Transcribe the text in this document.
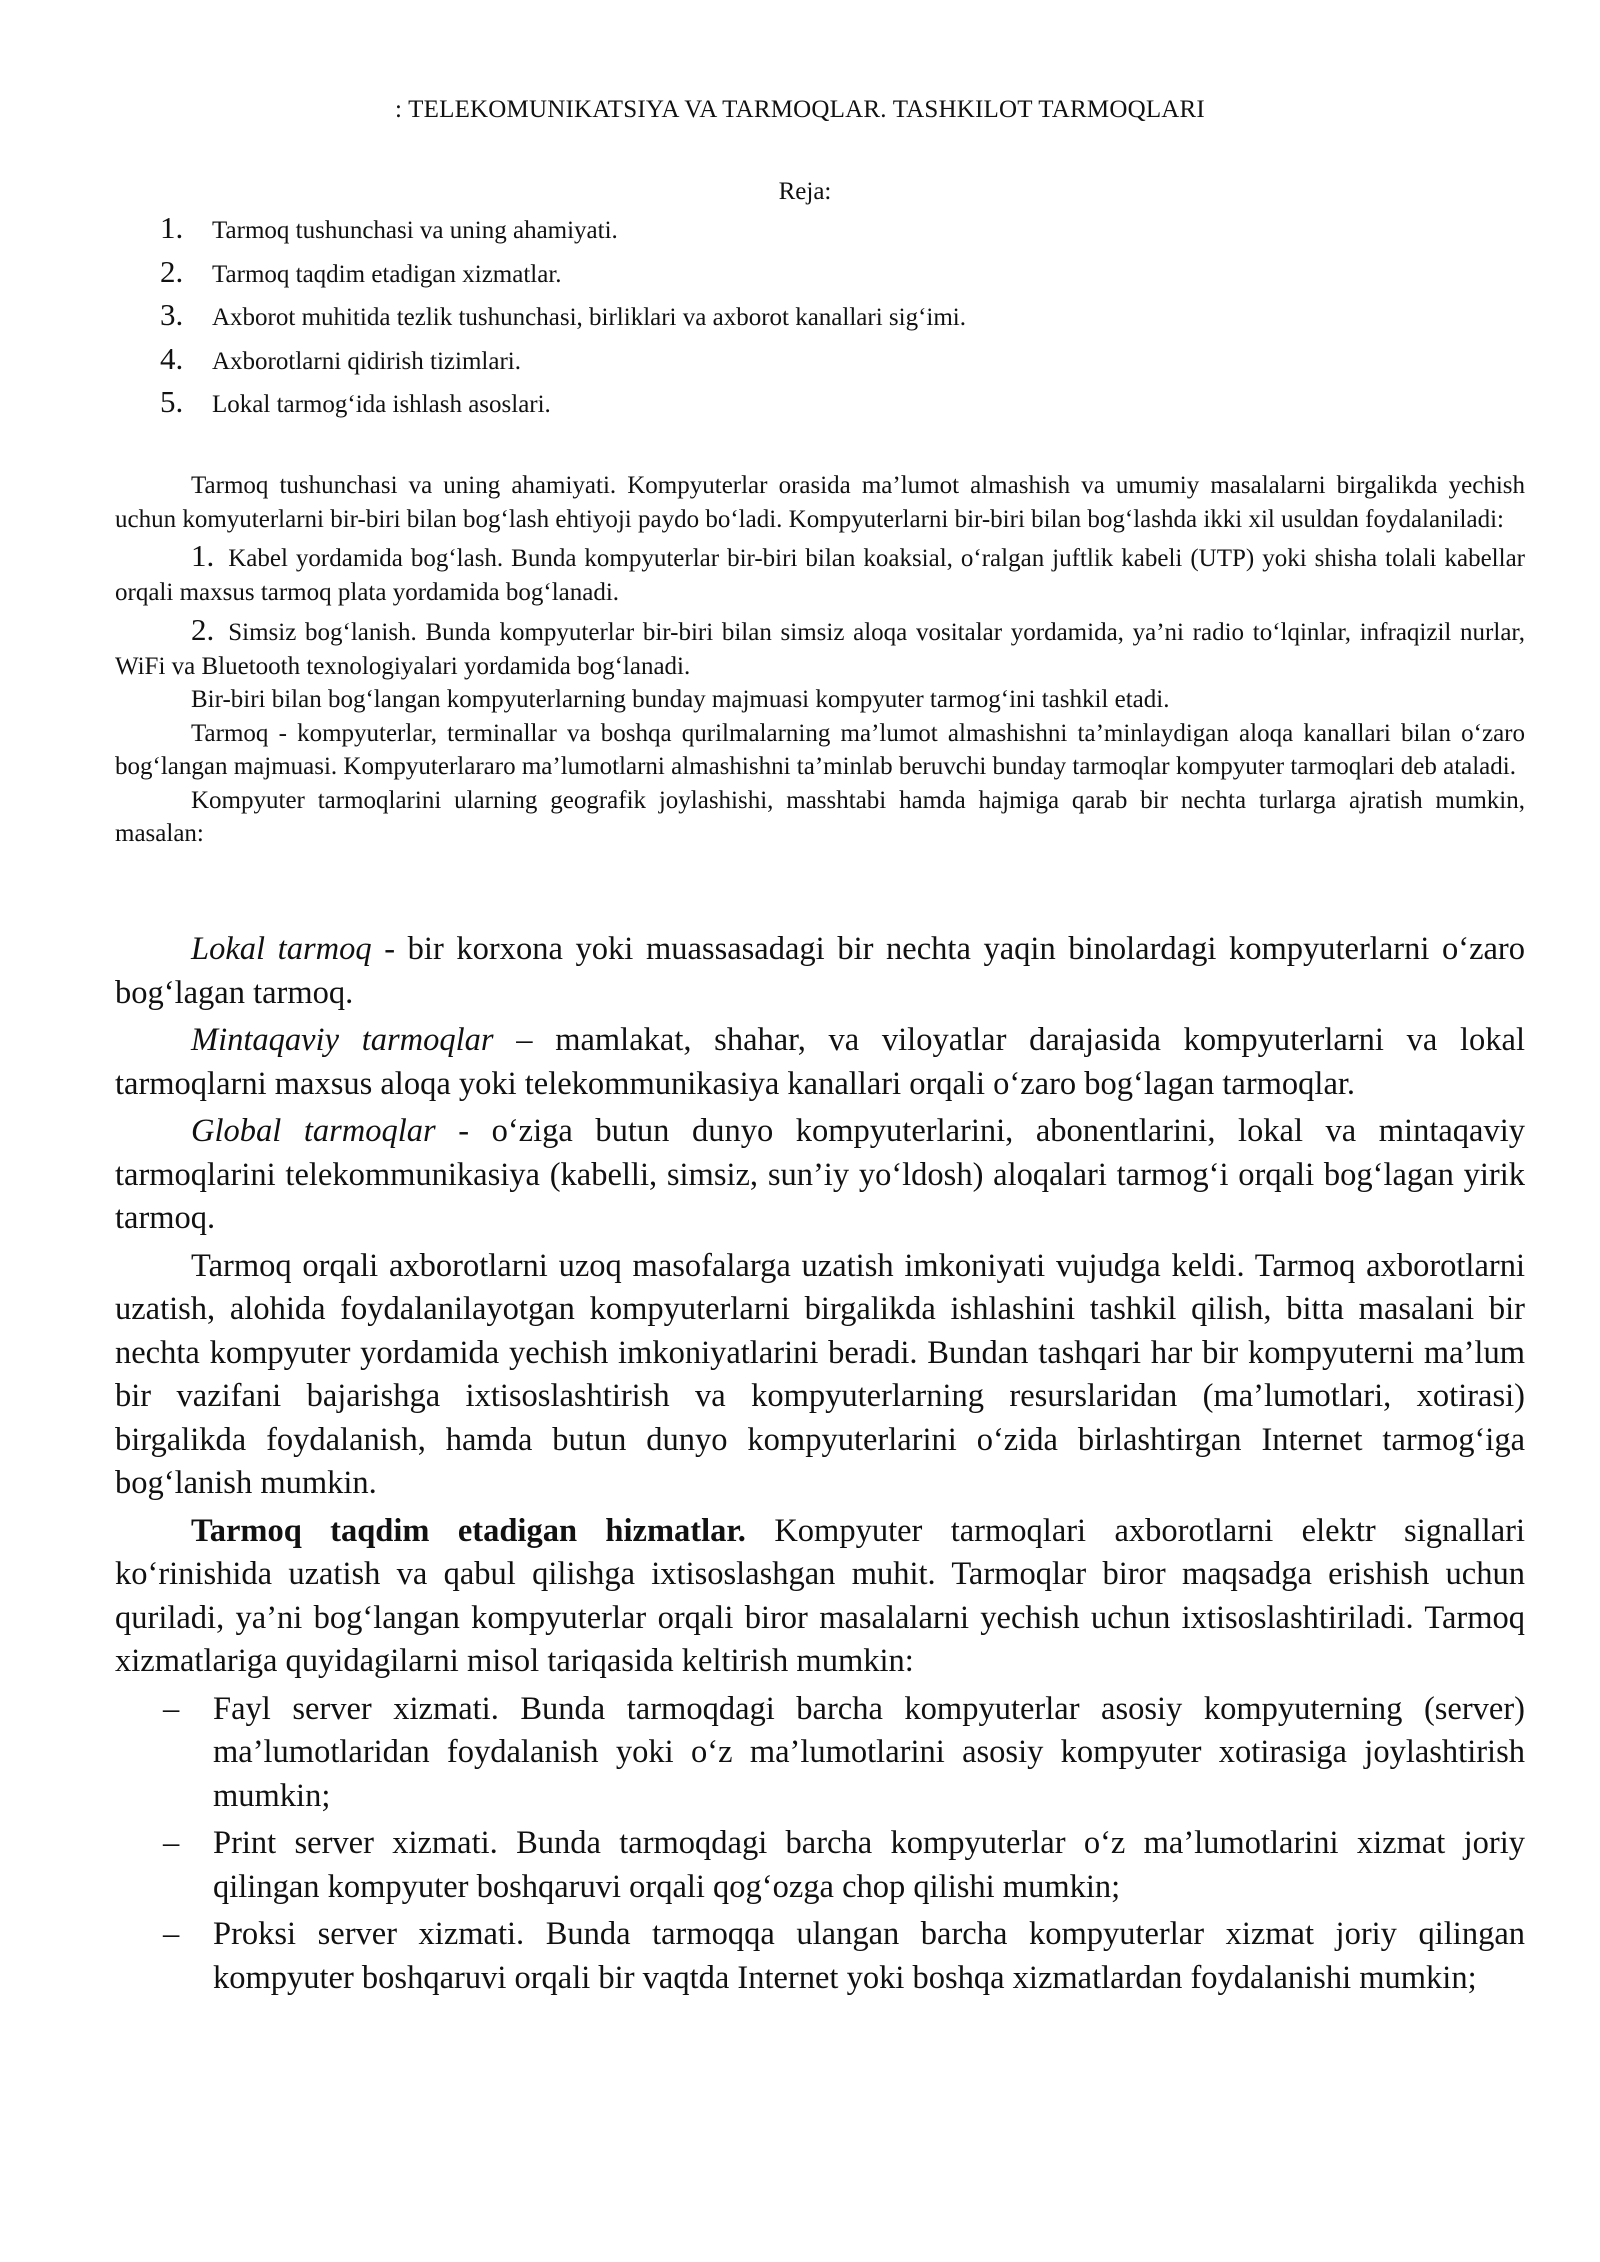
: TELEKOMUNIKATSIYA VA TARMOQLAR. TASHKILOT TARMOQLARI
Reja:
1.	Tarmoq tushunchasi va uning ahamiyati.
2.	Tarmoq taqdim etadigan xizmatlar.
3.	Axborot muhitida tezlik tushunchasi, birliklari va axborot kanallari sig‘imi.
4.	Axborotlarni qidirish tizimlari.
5.	Lokal tarmog‘ida ishlash asoslari.

Tarmoq tushunchasi va uning ahamiyati. Kompyuterlar orasida ma’lumot almashish va umumiy masalalarni birgalikda yechish uchun komyuterlarni bir-biri bilan bog‘lash ehtiyoji paydo bo‘ladi. Kompyuterlarni bir-biri bilan bog‘lashda ikki xil usuldan foydalaniladi:

1. Kabel yordamida bog‘lash. Bunda kompyuterlar bir-biri bilan koaksial, o‘ralgan juftlik kabeli (UTP) yoki shisha tolali kabellar orqali maxsus tarmoq plata yordamida bog‘lanadi.

2. Simsiz bog‘lanish. Bunda kompyuterlar bir-biri bilan simsiz aloqa vositalar yordamida, ya’ni radio to‘lqinlar, infraqizil nurlar, WiFi va Bluetooth texnologiyalari yordamida bog‘lanadi.

Bir-biri bilan bog‘langan kompyuterlarning bunday majmuasi kompyuter tarmog‘ini tashkil etadi.

Tarmoq - kompyuterlar, terminallar va boshqa qurilmalarning ma’lumot almashishni ta’minlaydigan aloqa kanallari bilan o‘zaro bog‘langan majmuasi. Kompyuterlararo ma’lumotlarni almashishni ta’minlab beruvchi bunday tarmoqlar kompyuter tarmoqlari deb ataladi.

Kompyuter tarmoqlarini ularning geografik joylashishi, masshtabi hamda hajmiga qarab bir nechta turlarga ajratish mumkin, masalan:

Lokal tarmoq - bir korxona yoki muassasadagi bir nechta yaqin binolardagi kompyuterlarni o‘zaro bog‘lagan tarmoq.

Mintaqaviy tarmoqlar – mamlakat, shahar, va viloyatlar darajasida kompyuterlarni va lokal tarmoqlarni maxsus aloqa yoki telekommunikasiya kanallari orqali o‘zaro bog‘lagan tarmoqlar.

Global tarmoqlar - o‘ziga butun dunyo kompyuterlarini, abonentlarini, lokal va mintaqaviy tarmoqlarini telekommunikasiya (kabelli, simsiz, sun’iy yo‘ldosh) aloqalari tarmog‘i orqali bog‘lagan yirik tarmoq.

Tarmoq orqali axborotlarni uzoq masofalarga uzatish imkoniyati vujudga keldi. Tarmoq axborotlarni uzatish, alohida foydalanilayotgan kompyuterlarni birgalikda ishlashini tashkil qilish, bitta masalani bir nechta kompyuter yordamida yechish imkoniyatlarini beradi. Bundan tashqari har bir kompyuterni ma’lum bir vazifani bajarishga ixtisoslashtirish va kompyuterlarning resurslaridan (ma’lumotlari, xotirasi) birgalikda foydalanish, hamda butun dunyo kompyuterlarini o‘zida birlashtirgan Internet tarmog‘iga bog‘lanish mumkin.

Tarmoq taqdim etadigan hizmatlar. Kompyuter tarmoqlari axborotlarni elektr signallari ko‘rinishida uzatish va qabul qilishga ixtisoslashgan muhit. Tarmoqlar biror maqsadga erishish uchun quriladi, ya’ni bog‘langan kompyuterlar orqali biror masalalarni yechish uchun ixtisoslashtiriladi. Tarmoq xizmatlariga quyidagilarni misol tariqasida keltirish mumkin:

– Fayl server xizmati. Bunda tarmoqdagi barcha kompyuterlar asosiy kompyuterning (server) ma’lumotlaridan foydalanish yoki o‘z ma’lumotlarini asosiy kompyuter xotirasiga joylashtirish mumkin;
– Print server xizmati. Bunda tarmoqdagi barcha kompyuterlar o‘z ma’lumotlarini xizmat joriy qilingan kompyuter boshqaruvi orqali qog‘ozga chop qilishi mumkin;
– Proksi server xizmati. Bunda tarmoqqa ulangan barcha kompyuterlar xizmat joriy qilingan kompyuter boshqaruvi orqali bir vaqtda Internet yoki boshqa xizmatlardan foydalanishi mumkin;
